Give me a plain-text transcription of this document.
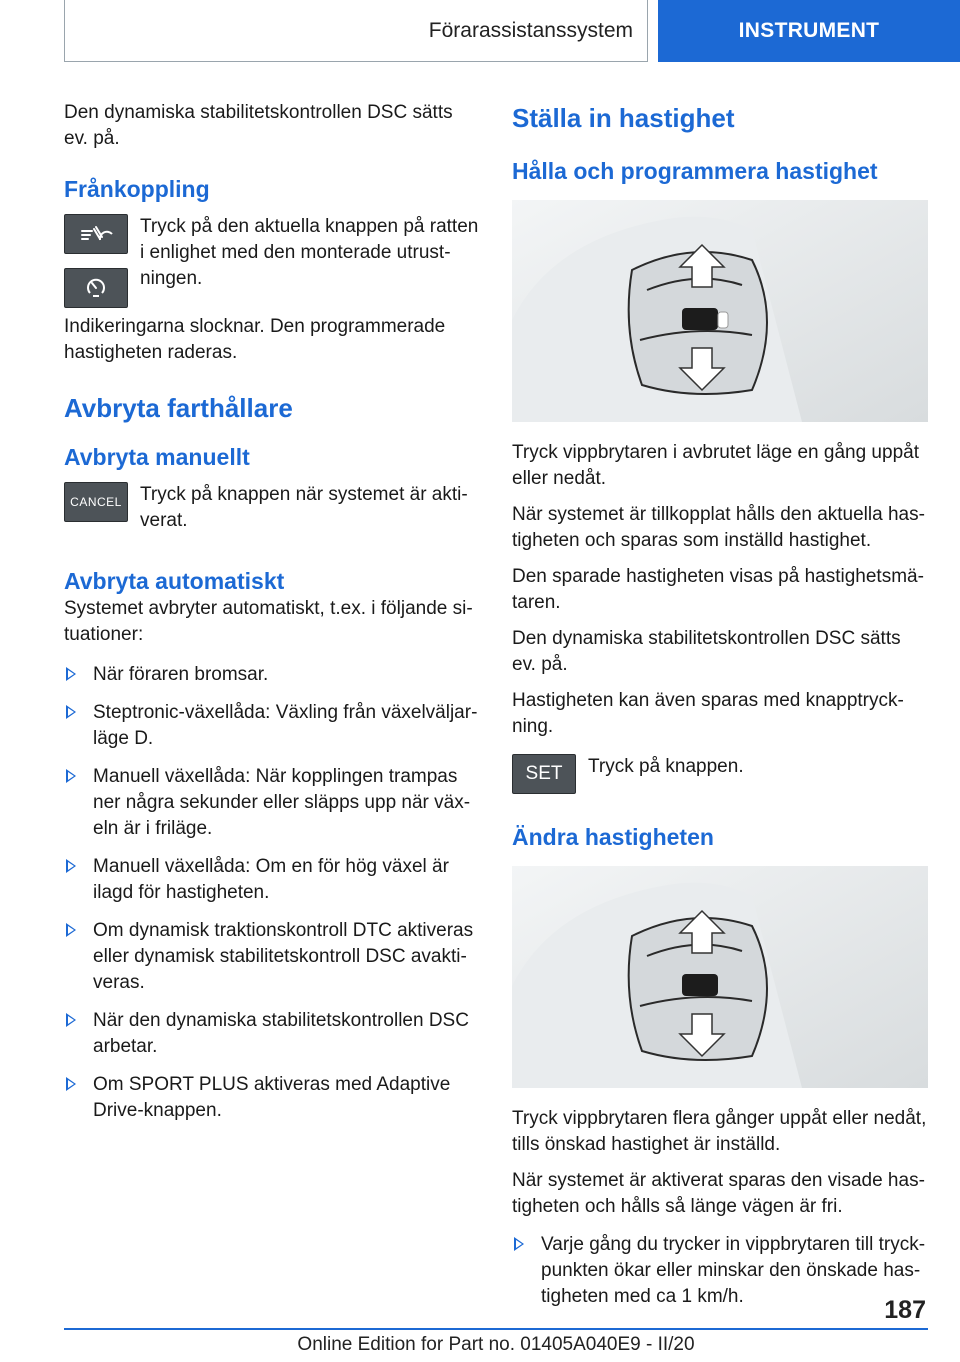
Förarassistanssystem	INSTRUMENT

Den dynamiska stabilitetskontrollen DSC sätts ev. på.

Frånkoppling

Tryck på den aktuella knappen på ratten i enlighet med den monterade utrustningen.

Indikeringarna slocknar. Den programmerade hastigheten raderas.

Avbryta farthållare
Avbryta manuellt
CANCEL Tryck på knappen när systemet är aktiverat.

Avbryta automatiskt

Systemet avbryter automatiskt, t.ex. i följande situationer:

När föraren bromsar.
Steptronic-växellåda: Växling från växelväljarläge D.
Manuell växellåda: När kopplingen trampas ner några sekunder eller släpps upp när växeln är i friläge.
Manuell växellåda: Om en för hög växel är ilagd för hastigheten.
Om dynamisk traktionskontroll DTC aktiveras eller dynamisk stabilitetskontroll DSC avaktiveras.
När den dynamiska stabilitetskontrollen DSC arbetar.
Om SPORT PLUS aktiveras med Adaptive Drive-knappen.
Ställa in hastighet
Hålla och programmera hastighet

Tryck vippbrytaren i avbrutet läge en gång uppåt eller nedåt.

När systemet är tillkopplat hålls den aktuella hastigheten och sparas som inställd hastighet.

Den sparade hastigheten visas på hastighetsmätaren.

Den dynamiska stabilitetskontrollen DSC sätts ev. på.

Hastigheten kan även sparas med knapptryckning.

SET Tryck på knappen.

Ändra hastigheten

Tryck vippbrytaren flera gånger uppåt eller nedåt, tills önskad hastighet är inställd.

När systemet är aktiverat sparas den visade hastigheten och hålls så länge vägen är fri.

Varje gång du trycker in vippbrytaren till tryckpunkten ökar eller minskar den önskade hastigheten med ca 1 km/h.	187
Online Edition for Part no. 01405A040E9 - II/20
